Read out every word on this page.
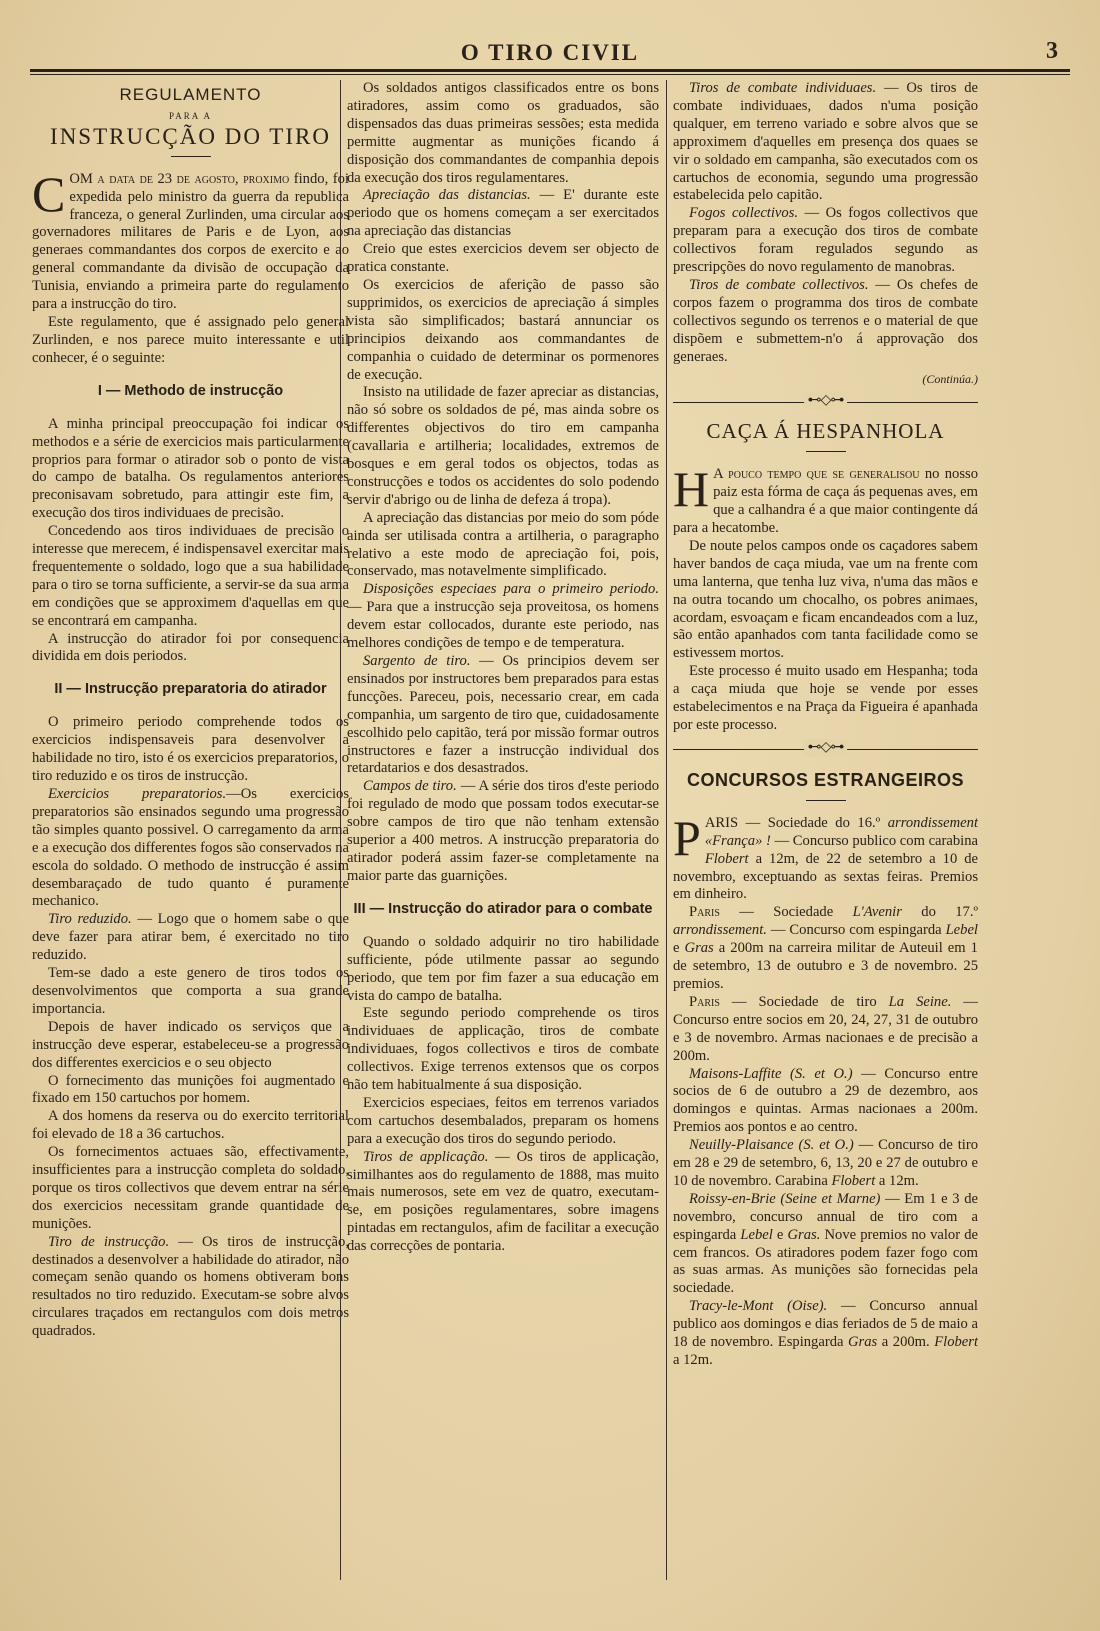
O TIRO CIVIL	3
REGULAMENTO
PARA A
INSTRUCÇÃO DO TIRO

COM a data de 23 de agosto, proximo findo, foi expedida pelo ministro da guerra da republica franceza, o general Zurlinden, uma circular aos governadores militares de Paris e de Lyon, aos generaes commandantes dos corpos de exercito e ao general commandante da divisão de occupação da Tunisia, enviando a primeira parte do regulamento para a instrucção do tiro.

Este regulamento, que é assignado pelo general Zurlinden, e nos parece muito interessante e util conhecer, é o seguinte:

I — Methodo de instrucção

A minha principal preoccupação foi indicar os methodos e a série de exercicios mais particularmente proprios para formar o atirador sob o ponto de vista do campo de batalha. Os regulamentos anteriores preconisavam sobretudo, para attingir este fim, a execução dos tiros individuaes de precisão.

Concedendo aos tiros individuaes de precisão o interesse que merecem, é indispensavel exercitar mais frequentemente o soldado, logo que a sua habilidade para o tiro se torna sufficiente, a servir-se da sua arma em condições que se approximem d'aquellas em que se encontrará em campanha.

A instrucção do atirador foi por consequencia dividida em dois periodos.

II — Instrucção preparatoria do atirador

O primeiro periodo comprehende todos os exercicios indispensaveis para desenvolver a habilidade no tiro, isto é os exercicios preparatorios, o tiro reduzido e os tiros de instrucção.

Exercicios preparatorios.—Os exercicios preparatorios são ensinados segundo uma progressão tão simples quanto possivel. O carregamento da arma e a execução dos differentes fogos são conservados na escola do soldado. O methodo de instrucção é assim desembaraçado de tudo quanto é puramente mechanico.

Tiro reduzido. — Logo que o homem sabe o que deve fazer para atirar bem, é exercitado no tiro reduzido.

Tem-se dado a este genero de tiros todos os desenvolvimentos que comporta a sua grande importancia.

Depois de haver indicado os serviços que a instrucção deve esperar, estabeleceu-se a progressão dos differentes exercicios e o seu objecto

O fornecimento das munições foi augmentado e fixado em 150 cartuchos por homem.

A dos homens da reserva ou do exercito territorial foi elevado de 18 a 36 cartuchos.

Os fornecimentos actuaes são, effectivamente, insufficientes para a instrucção completa do soldado, porque os tiros collectivos que devem entrar na série dos exercicios necessitam grande quantidade de munições.

Tiro de instrucção. — Os tiros de instrucção, destinados a desenvolver a habilidade do atirador, não começam senão quando os homens obtiveram bons resultados no tiro reduzido. Executam-se sobre alvos circulares traçados em rectangulos com dois metros quadrados.

Os soldados antigos classificados entre os bons atiradores, assim como os graduados, são dispensados das duas primeiras sessões; esta medida permitte augmentar as munições ficando á disposição dos commandantes de companhia depois da execução dos tiros regulamentares.

Apreciação das distancias. — E' durante este periodo que os homens começam a ser exercitados na apreciação das distancias

Creio que estes exercicios devem ser objecto de pratica constante.

Os exercicios de aferição de passo são supprimidos, os exercicios de apreciação á simples vista são simplificados; bastará annunciar os principios deixando aos commandantes de companhia o cuidado de determinar os pormenores de execução.

Insisto na utilidade de fazer apreciar as distancias, não só sobre os soldados de pé, mas ainda sobre os differentes objectivos do tiro em campanha (cavallaria e artilheria; localidades, extremos de bosques e em geral todos os objectos, todas as construcções e todos os accidentes do solo podendo servir d'abrigo ou de linha de defeza á tropa).

A apreciação das distancias por meio do som póde ainda ser utilisada contra a artilheria, o paragrapho relativo a este modo de apreciação foi, pois, conservado, mas notavelmente simplificado.

Disposições especiaes para o primeiro periodo. — Para que a instrucção seja proveitosa, os homens devem estar collocados, durante este periodo, nas melhores condições de tempo e de temperatura.

Sargento de tiro. — Os principios devem ser ensinados por instructores bem preparados para estas funcções. Pareceu, pois, necessario crear, em cada companhia, um sargento de tiro que, cuidadosamente escolhido pelo capitão, terá por missão formar outros instructores e fazer a instrucção individual dos retardatarios e dos desastrados.

Campos de tiro. — A série dos tiros d'este periodo foi regulado de modo que possam todos executar-se sobre campos de tiro que não tenham extensão superior a 400 metros. A instrucção preparatoria do atirador poderá assim fazer-se completamente na maior parte das guarnições.

III — Instrucção do atirador para o combate

Quando o soldado adquirir no tiro habilidade sufficiente, póde utilmente passar ao segundo periodo, que tem por fim fazer a sua educação em vista do campo de batalha.

Este segundo periodo comprehende os tiros individuaes de applicação, tiros de combate individuaes, fogos collectivos e tiros de combate collectivos. Exige terrenos extensos que os corpos não tem habitualmente á sua disposição.

Exercicios especiaes, feitos em terrenos variados com cartuchos desembalados, preparam os homens para a execução dos tiros do segundo periodo.

Tiros de applicação. — Os tiros de applicação, similhantes aos do regulamento de 1888, mas muito mais numerosos, sete em vez de quatro, executam-se, em posições regulamentares, sobre imagens pintadas em rectangulos, afim de facilitar a execução das correcções de pontaria.

Tiros de combate individuaes. — Os tiros de combate individuaes, dados n'uma posição qualquer, em terreno variado e sobre alvos que se approximem d'aquelles em presença dos quaes se vir o soldado em campanha, são executados com os cartuchos de economia, segundo uma progressão estabelecida pelo capitão.

Fogos collectivos. — Os fogos collectivos que preparam para a execução dos tiros de combate collectivos foram regulados segundo as prescripções do novo regulamento de manobras.

Tiros de combate collectivos. — Os chefes de corpos fazem o programma dos tiros de combate collectivos segundo os terrenos e o material de que dispõem e submettem-n'o á approvação dos generaes.

(Continúa.)
⊷◇⊶
CAÇA Á HESPANHOLA

H A pouco tempo que se generalisou no nosso paiz esta fórma de caça ás pequenas aves, em que a calhandra é a que maior contingente dá para a hecatombe.

De noute pelos campos onde os caçadores sabem haver bandos de caça miuda, vae um na frente com uma lanterna, que tenha luz viva, n'uma das mãos e na outra tocando um chocalho, os pobres animaes, acordam, esvoaçam e ficam encandeados com a luz, são então apanhados com tanta facilidade como se estivessem mortos.

Este processo é muito usado em Hespanha; toda a caça miuda que hoje se vende por esses estabelecimentos e na Praça da Figueira é apanhada por este processo.

⊷◇⊶
CONCURSOS ESTRANGEIROS

PARIS — Sociedade do 16.º arrondissement «França» ! — Concurso publico com carabina Flobert a 12m, de 22 de setembro a 10 de novembro, exceptuando as sextas feiras. Premios em dinheiro.

Paris — Sociedade L'Avenir do 17.º arrondissement. — Concurso com espingarda Lebel e Gras a 200m na carreira militar de Auteuil em 1 de setembro, 13 de outubro e 3 de novembro. 25 premios.

Paris — Sociedade de tiro La Seine. — Concurso entre socios em 20, 24, 27, 31 de outubro e 3 de novembro. Armas nacionaes e de precisão a 200m.

Maisons-Laffite (S. et O.) — Concurso entre socios de 6 de outubro a 29 de dezembro, aos domingos e quintas. Armas nacionaes a 200m. Premios aos pontos e ao centro.

Neuilly-Plaisance (S. et O.) — Concurso de tiro em 28 e 29 de setembro, 6, 13, 20 e 27 de outubro e 10 de novembro. Carabina Flobert a 12m.

Roissy-en-Brie (Seine et Marne) — Em 1 e 3 de novembro, concurso annual de tiro com a espingarda Lebel e Gras. Nove premios no valor de cem francos. Os atiradores podem fazer fogo com as suas armas. As munições são fornecidas pela sociedade.

Tracy-le-Mont (Oise). — Concurso annual publico aos domingos e dias feriados de 5 de maio a 18 de novembro. Espingarda Gras a 200m. Flobert a 12m.
